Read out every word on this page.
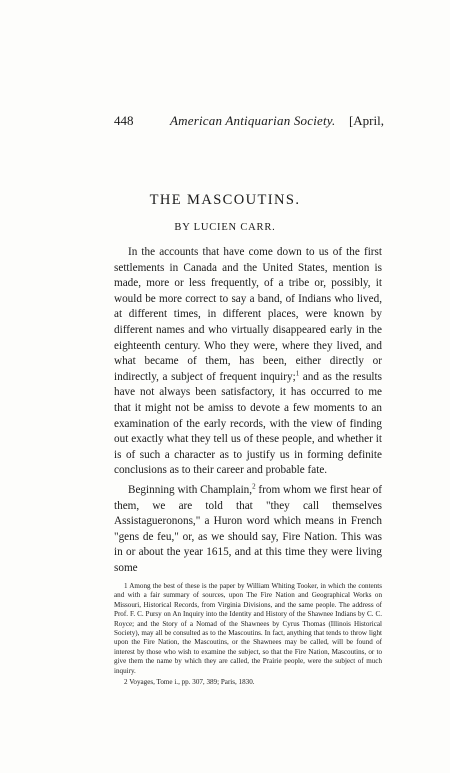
448	American Antiquarian Society. [April,
THE MASCOUTINS.
BY LUCIEN CARR.

In the accounts that have come down to us of the first settlements in Canada and the United States, mention is made, more or less frequently, of a tribe or, possibly, it would be more correct to say a band, of Indians who lived, at different times, in different places, were known by different names and who virtually disappeared early in the eighteenth century. Who they were, where they lived, and what became of them, has been, either directly or indirectly, a subject of frequent inquiry;$^1$ and as the results have not always been satisfactory, it has occurred to me that it might not be amiss to devote a few moments to an examination of the early records, with the view of finding out exactly what they tell us of these people, and whether it is of such a character as to justify us in forming definite conclusions as to their career and probable fate.

Beginning with Champlain,$^2$ from whom we first hear of them, we are told that "they call themselves Assistagueronons," a Huron word which means in French "gens de feu," or, as we should say, Fire Nation. This was in or about the year 1615, and at this time they were living some

1 Among the best of these is the paper by William Whiting Tooker, in which the contents and with a fair summary of sources, upon The Fire Nation and Geographical Works on Missouri, Historical Records, from Virginia Divisions, and the same people. The address of Prof. F. C. Pursy on An Inquiry into the Identity and History of the Shawnee Indians by C. C. Royce; and the Story of a Nomad of the Shawnees by Cyrus Thomas (Illinois Historical Society), may all be consulted as to the Mascoutins. In fact, anything that tends to throw light upon the Fire Nation, the Mascoutins, or the Shawnees may be called, will be found of interest by those who wish to examine the subject, so that the Fire Nation, Mascoutins, or to give them the name by which they are called, the Prairie people, were the subject of much inquiry.

2 Voyages, Tome i., pp. 307, 389; Paris, 1830.
